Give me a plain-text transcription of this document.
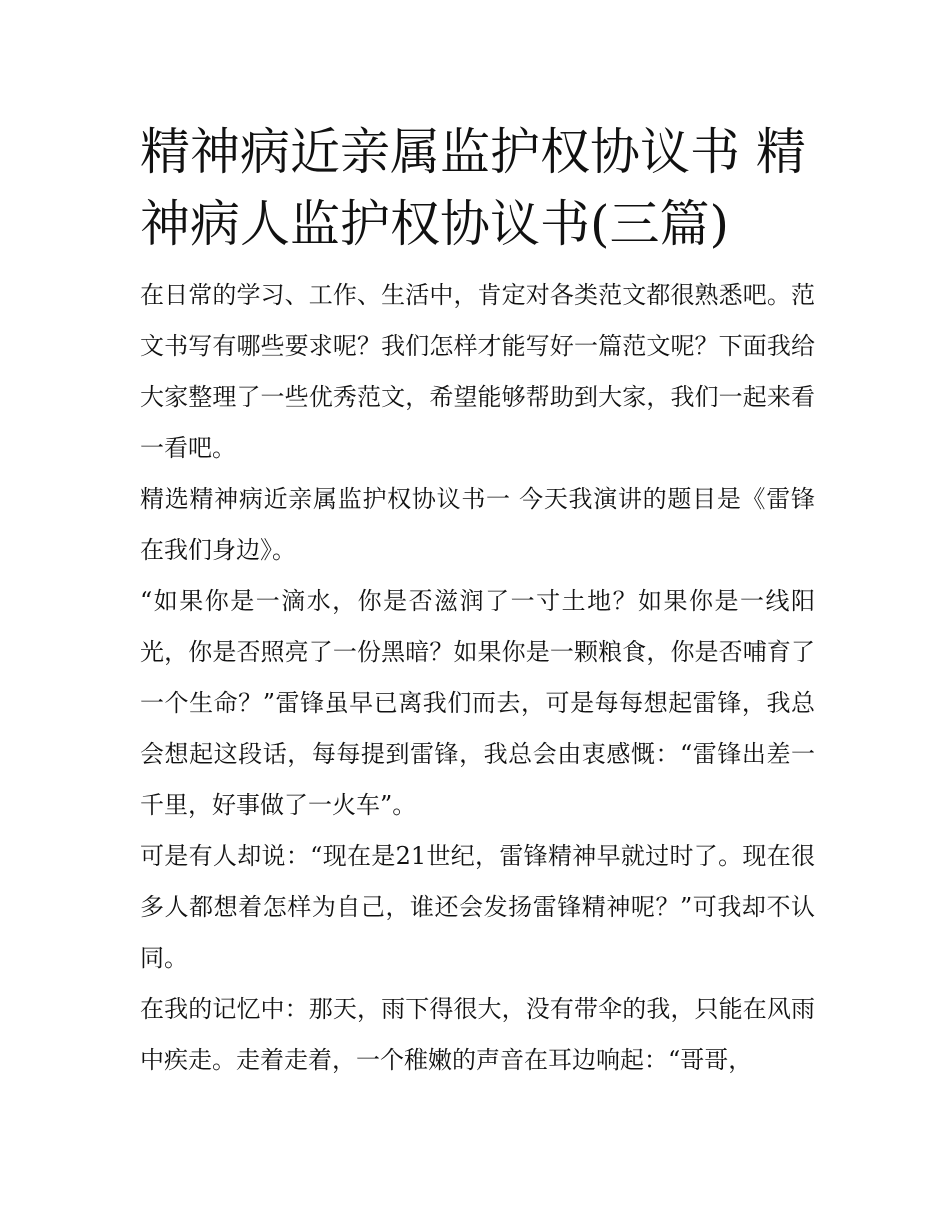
精神病近亲属监护权协议书 精神病人监护权协议书(三篇)

在日常的学习、工作、生活中，肯定对各类范文都很熟悉吧。范文书写有哪些要求呢？我们怎样才能写好一篇范文呢？下面我给大家整理了一些优秀范文，希望能够帮助到大家，我们一起来看一看吧。

精选精神病近亲属监护权协议书一 今天我演讲的题目是《雷锋在我们身边》。

“如果你是一滴水，你是否滋润了一寸土地？如果你是一线阳光，你是否照亮了一份黑暗？如果你是一颗粮食，你是否哺育了一个生命？”雷锋虽早已离我们而去，可是每每想起雷锋，我总会想起这段话，每每提到雷锋，我总会由衷感慨：“雷锋出差一千里，好事做了一火车”。

可是有人却说：“现在是21世纪，雷锋精神早就过时了。现在很多人都想着怎样为自己，谁还会发扬雷锋精神呢？”可我却不认同。

在我的记忆中：那天，雨下得很大，没有带伞的我，只能在风雨中疾走。走着走着，一个稚嫩的声音在耳边响起：“哥哥，
